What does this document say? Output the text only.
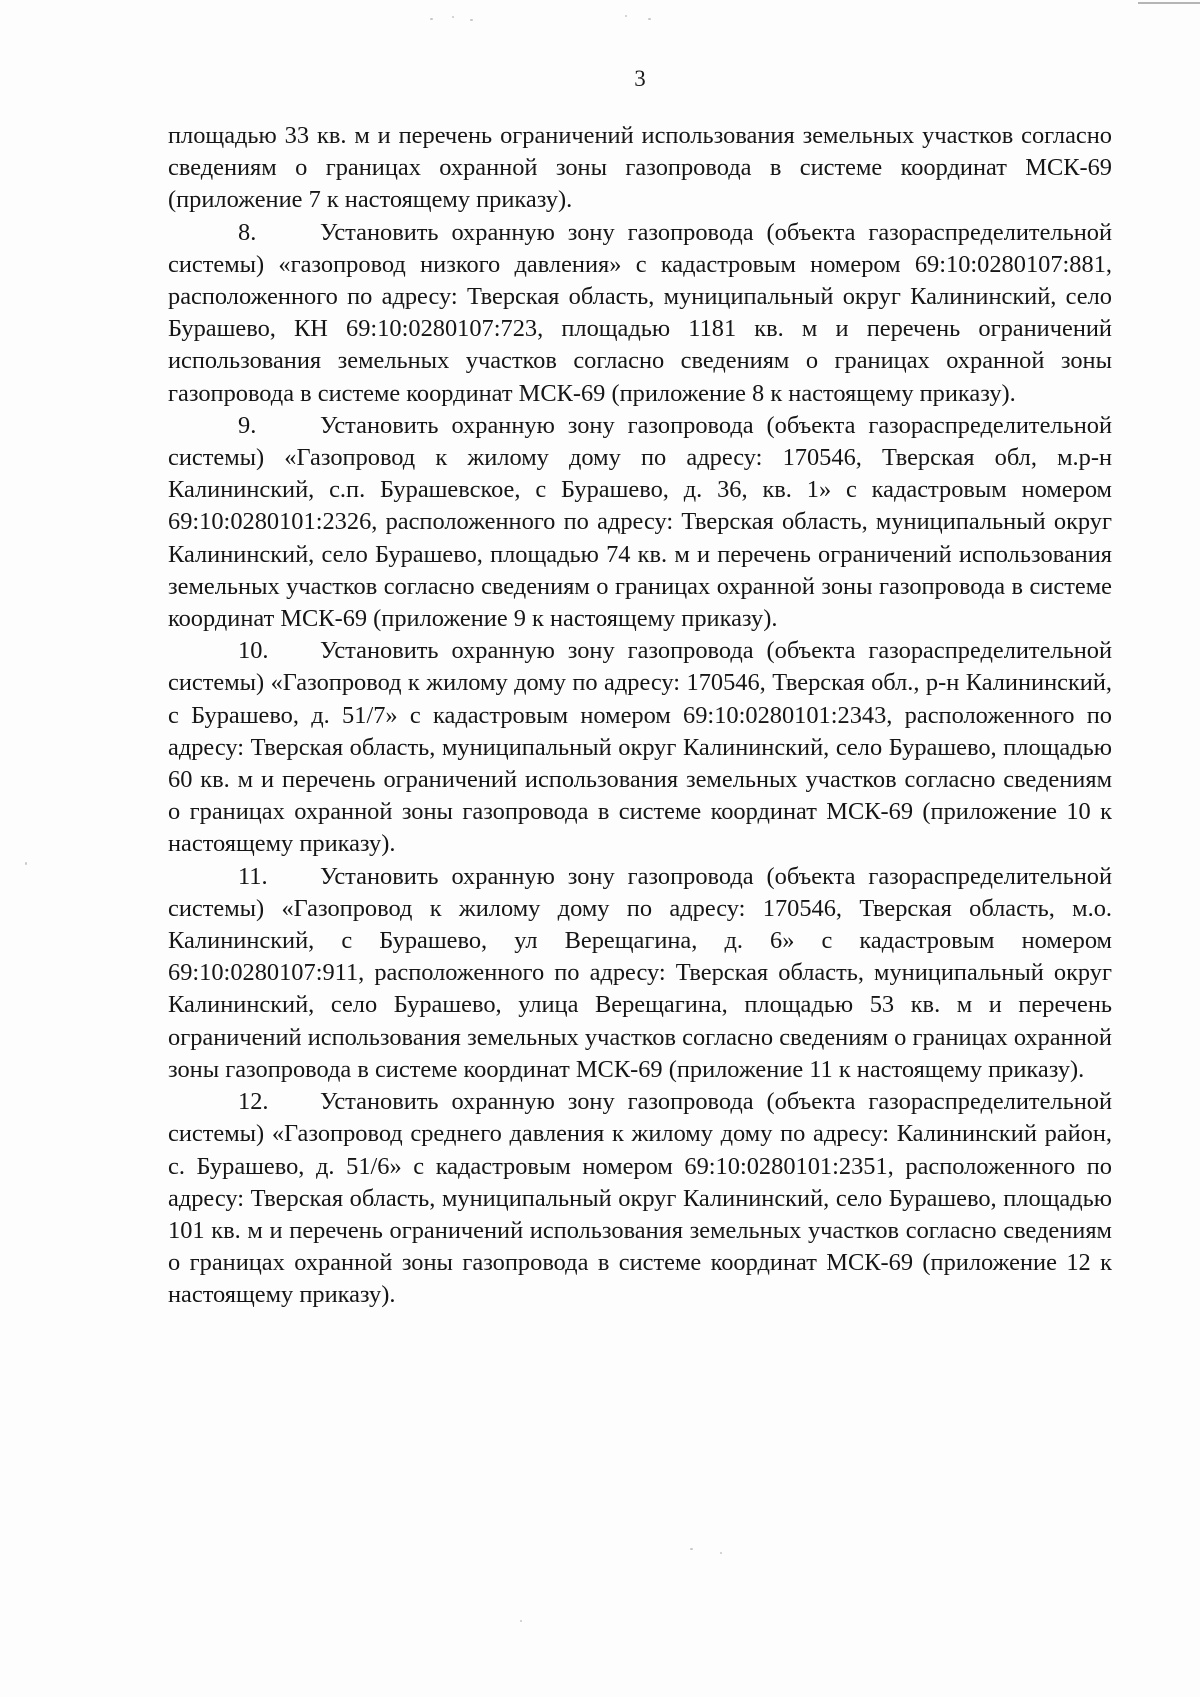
3

площадью 33 кв. м и перечень ограничений использования земельных участков согласно сведениям о границах охранной зоны газопровода в системе координат МСК-69 (приложение 7 к настоящему приказу).

8.	Установить охранную зону газопровода (объекта газораспределительной системы) «газопровод низкого давления» с кадастровым номером 69:10:0280107:881, расположенного по адресу: Тверская область, муниципальный округ Калининский, село Бурашево, КН 69:10:0280107:723, площадью 1181 кв. м и перечень ограничений использования земельных участков согласно сведениям о границах охранной зоны газопровода в системе координат МСК-69 (приложение 8 к настоящему приказу).

9.	Установить охранную зону газопровода (объекта газораспределительной системы) «Газопровод к жилому дому по адресу: 170546, Тверская обл, м.р-н Калининский, с.п. Бурашевское, с Бурашево, д. 36, кв. 1» с кадастровым номером 69:10:0280101:2326, расположенного по адресу: Тверская область, муниципальный округ Калининский, село Бурашево, площадью 74 кв. м и перечень ограничений использования земельных участков согласно сведениям о границах охранной зоны газопровода в системе координат МСК-69 (приложение 9 к настоящему приказу).

10. Установить охранную зону газопровода (объекта газораспределительной системы) «Газопровод к жилому дому по адресу: 170546, Тверская обл., р-н Калининский, с Бурашево, д. 51/7» с кадастровым номером 69:10:0280101:2343, расположенного по адресу: Тверская область, муниципальный округ Калининский, село Бурашево, площадью 60 кв. м и перечень ограничений использования земельных участков согласно сведениям о границах охранной зоны газопровода в системе координат МСК-69 (приложение 10 к настоящему приказу).

11. Установить охранную зону газопровода (объекта газораспределительной системы) «Газопровод к жилому дому по адресу: 170546, Тверская область, м.о. Калининский, с Бурашево, ул Верещагина, д. 6» с кадастровым номером 69:10:0280107:911, расположенного по адресу: Тверская область, муниципальный округ Калининский, село Бурашево, улица Верещагина, площадью 53 кв. м и перечень ограничений использования земельных участков согласно сведениям о границах охранной зоны газопровода в системе координат МСК-69 (приложение 11 к настоящему приказу).

12. Установить охранную зону газопровода (объекта газораспределительной системы) «Газопровод среднего давления к жилому дому по адресу: Калининский район, с. Бурашево, д. 51/6» с кадастровым номером 69:10:0280101:2351, расположенного по адресу: Тверская область, муниципальный округ Калининский, село Бурашево, площадью 101 кв. м и перечень ограничений использования земельных участков согласно сведениям о границах охранной зоны газопровода в системе координат МСК-69 (приложение 12 к настоящему приказу).
